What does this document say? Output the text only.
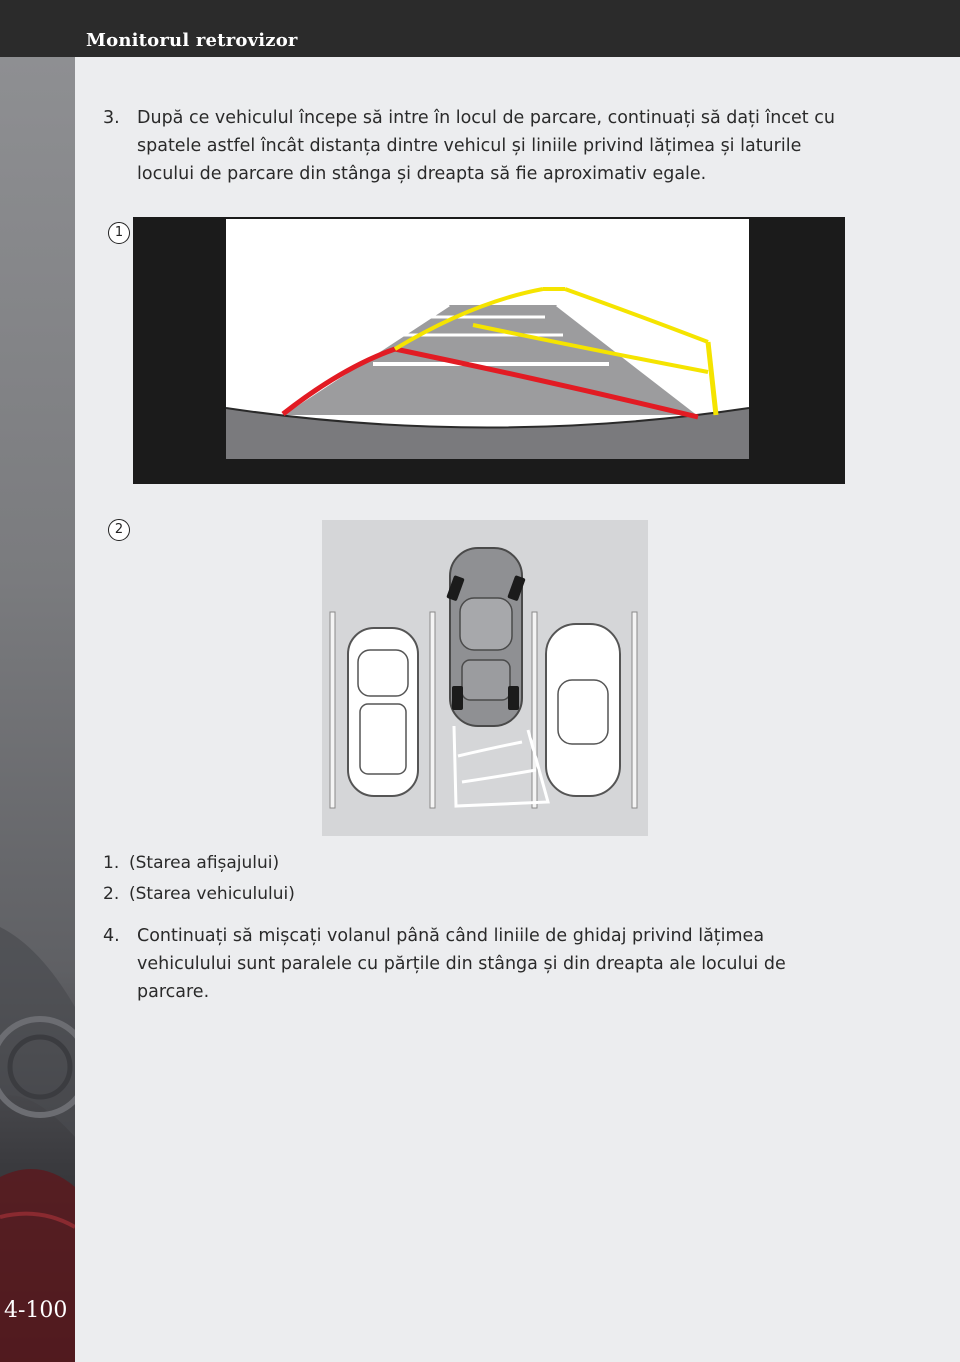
Monitorul retrovizor
4-100
3. După ce vehiculul începe să intre în locul de parcare, continuați să dați încet cu spatele astfel încât distanța dintre vehicul și liniile privind lățimea și laturile locului de parcare din stânga și dreapta să fie aproximativ egale.
1
2
1. (Starea afișajului)
2. (Starea vehiculului)
4. Continuați să mișcați volanul până când liniile de ghidaj privind lățimea vehiculului sunt paralele cu părțile din stânga și din dreapta ale locului de parcare.
